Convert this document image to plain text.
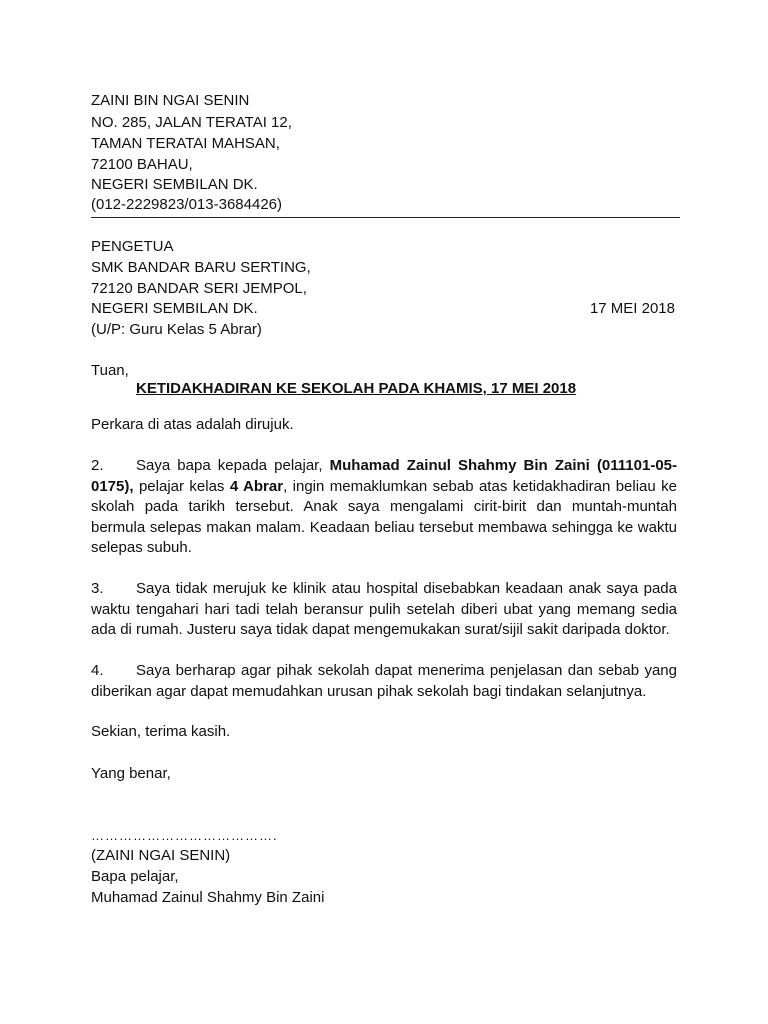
ZAINI BIN NGAI SENIN
NO. 285, JALAN TERATAI 12,
TAMAN TERATAI MAHSAN,
72100 BAHAU,
NEGERI SEMBILAN DK.
(012-2229823/013-3684426)
PENGETUA
SMK BANDAR BARU SERTING,
72120 BANDAR SERI JEMPOL,
NEGERI SEMBILAN DK.
(U/P: Guru Kelas 5 Abrar)
17 MEI 2018
Tuan,
KETIDAKHADIRAN KE SEKOLAH PADA KHAMIS, 17 MEI 2018
Perkara di atas adalah dirujuk.
2. Saya bapa kepada pelajar, Muhamad Zainul Shahmy Bin Zaini (011101-05-
0175), pelajar kelas 4 Abrar, ingin memaklumkan sebab atas ketidakhadiran beliau ke
skolah pada tarikh tersebut. Anak saya mengalami cirit-birit dan muntah-muntah
bermula selepas makan malam. Keadaan beliau tersebut membawa sehingga ke waktu
selepas subuh.
3. Saya tidak merujuk ke klinik atau hospital disebabkan keadaan anak saya pada
waktu tengahari hari tadi telah beransur pulih setelah diberi ubat yang memang sedia
ada di rumah. Justeru saya tidak dapat mengemukakan surat/sijil sakit daripada doktor.
4. Saya berharap agar pihak sekolah dapat menerima penjelasan dan sebab yang
diberikan agar dapat memudahkan urusan pihak sekolah bagi tindakan selanjutnya.
Sekian, terima kasih.
Yang benar,
………………………………….
(ZAINI NGAI SENIN)
Bapa pelajar,
Muhamad Zainul Shahmy Bin Zaini
